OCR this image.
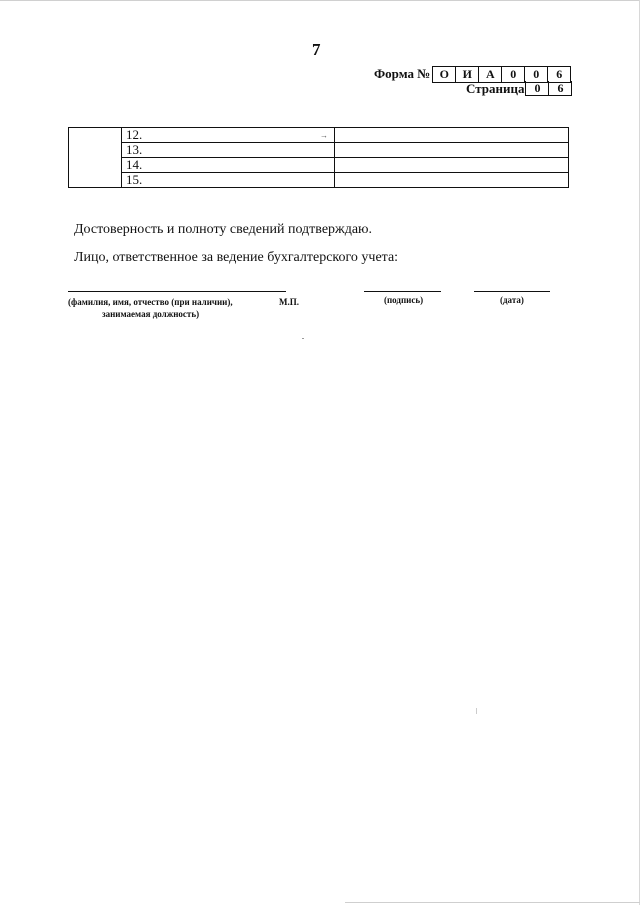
7
Форма № О	И	А	0	0	6
Страница 0	6
	12. →	

	13.	
	14.	
	15.	
Достоверность и полноту сведений подтверждаю.
Лицо, ответственное за ведение бухгалтерского учета:
(фамилия, имя, отчество (при наличии),
занимаемая должность)
М.П.	(подпись)	(дата)
